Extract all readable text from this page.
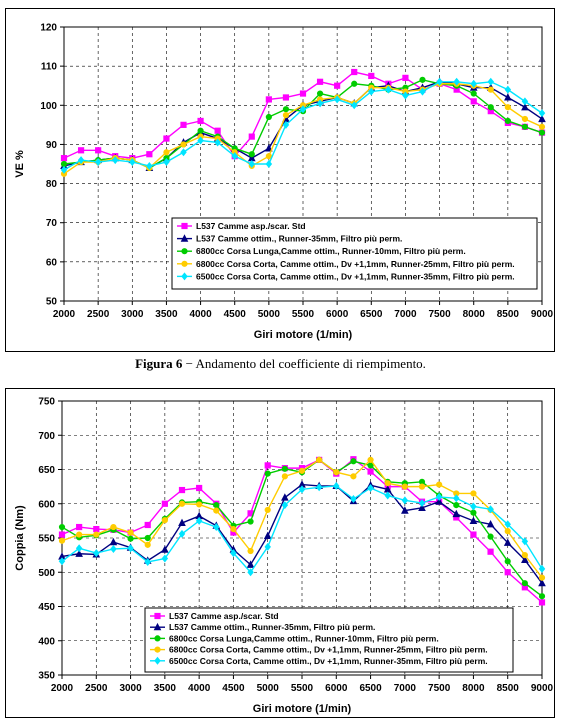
2000 2500 3000 3500 4000 4500 5000 5500 6000 6500 7000 7500 8000 8500 9000
50
60
70
80
90
100
110
120
Giri motore (1/min)
VE %
L537 Camme asp./scar. Std
L537 Camme ottim., Runner-35mm, Filtro più perm.
6800cc Corsa Lunga,Camme ottim., Runner-10mm, Filtro più perm.
6800cc Corsa Corta, Camme ottim., Dv +1,1mm, Runner-25mm, Filtro più perm.
6500cc Corsa Corta, Camme ottim., Dv +1,1mm, Runner-35mm, Filtro più perm.
Figura 6 − Andamento del coefficiente di riempimento.
2000 2500 3000 3500 4000 4500 5000 5500 6000 6500 7000 7500 8000 8500 9000
350
400
450
500
550
600
650
700
750
Giri motore (1/min)
Coppia (Nm)
L537 Camme asp./scar. Std
L537 Camme ottim., Runner-35mm, Filtro più perm.
6800cc Corsa Lunga,Camme ottim., Runner-10mm, Filtro più perm.
6800cc Corsa Corta, Camme ottim., Dv +1,1mm, Runner-25mm, Filtro più perm.
6500cc Corsa Corta, Camme ottim., Dv +1,1mm, Runner-35mm, Filtro più perm.
